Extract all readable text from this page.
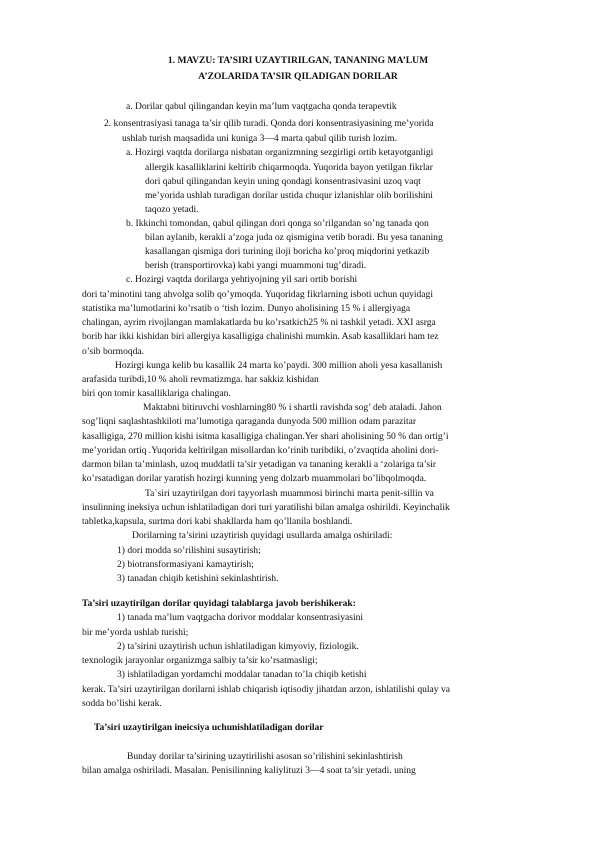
1. MAVZU: TA’SIRI UZAYTIRILGAN, TANANING MA’LUM
A’ZOLARIDA TA’SIR QILADIGAN DORILAR
a. Dorilar qabul qilingandan keyin ma’lum vaqtgacha qonda terapevtik
2. konsentrasiyasi tanaga ta’sir qilib turadi. Qonda dori konsentrasiyasining me’yorida
ushlab turish maqsadida uni kuniga 3—4 marta qabul qilib turish lozim.
a. Hozirgi vaqtda dorilarga nisbatan organizmning sezgirligi ortib ketayotganligi
allergik kasalliklarini keltirib chiqarmoqda. Yuqorida bayon yetilgan fikrlar
dori qabul qilingandan keyin uning qondagi konsentrasivasini uzoq vaqt
me’yorida ushlab turadigan dorilar ustida chuqur izlanishlar olib borilishini
taqozo yetadi.
b. Ikkinchi tomondan, qabul qilingan dori qonga so’rilgandan so’ng tanada qon
bilan aylanib, kerakli a’zoga juda oz qismigina vetib boradi. Bu yesa tananing
kasallangan qismiga dori turining iloji boricha ko’proq miqdorini yetkazib
berish (transportirovka) kabi yangi muammoni tug’diradi.
c. Hozirgi vaqtda dorilarga yehtiyojning yil sari ortib borishi
dori ta’minotini tang ahvolga solib qo’ymoqda. Yuqoridag fikrlarning isboti uchun quyidagi
statistika ma’lumotlarini ko’rsatib o ‘tish lozim. Dunyo aholisining 15 % i allergiyaga
chalingan, ayrim rivojlangan mamlakatlarda bu ko’rsatkich25 % ni tashkil yetadi. XXI asrga
borib har ikki kishidan biri allergiya kasalligiga chalinishi mumkin. Asab kasalliklari ham tez
o’sib bormoqda.
Hozirgi kunga kelib bu kasallik 24 marta ko’paydi. 300 million aholi yesa kasallanish
arafasida turibdi,10 % aholi revmatizmga. har sakkiz kishidan
biri qon tomir kasalliklariga chalingan.
Maktabni bitiruvchi voshlarning80 % i shartli ravishda sog’ deb ataladi. Jahon
sog’liqni saqlashtashkiloti ma’lumotiga qaraganda dunyoda 500 million odam parazitar
kasalligiga, 270 million kishi isitma kasalligiga chalingan.Yer shari aholisining 50 % dan ortig’i
me’yoridan ortiq .Yuqorida keltirilgan misollardan ko’rinib turibdiki, o’zvaqtida aholini dori-
darmon bilan ta’minlash, uzoq muddatli ta’sir yetadigan va tananing kerakli a ‘zolariga ta’sir
ko’rsatadigan dorilar yaratish hozirgi kunning yeng dolzarb muammolari bo’libqolmoqda.
Ta`siri uzaytirilgan dori tayyorlash muammosi birinchi marta penit-sillin va
insulinning ineksiya uchun ishlatiladigan dori turi yaratilishi bilan amalga oshirildi. Keyinchalik
tabletka,kapsula, surtma dori kabi shakllarda ham qo’llanila boshlandi.
Dorilarning ta’sirini uzaytirish quyidagi usullarda amalga oshiriladi:
1) dori modda so’rilishini susaytirish;
2) biotransformasiyani kamaytirish;
3) tanadan chiqib ketishini sekinlashtirish.
Ta’siri uzaytirilgan dorilar quyidagi talablarga javob berishikerak:
1) tanada ma’lum vaqtgacha dorivor moddalar konsentrasiyasini
bir me’yorda ushlab turishi;
2) ta’sirini uzaytirish uchun ishlatiladigan kimyoviy, fiziologik.
texnologik jarayonlar organizmga salbiy ta’sir ko’rsatmasligi;
3) ishlatiladigan yordamchi moddalar tanadan to’la chiqib ketishi
kerak. Ta’siri uzaytirilgan dorilarni ishlab chiqarish iqtisodiy jihatdan arzon, ishlatilishi qulay va
sodda bo’lishi kerak.
Ta’siri uzaytirilgan ineicsiya uchunishlatiladigan dorilar
Bunday dorilar ta’sirining uzaytirilishi asosan so’rilishini sekinlashtirish
bilan amalga oshiriladi. Masalan. Penisilinning kaliylituzi 3—4 soat ta’sir yetadi. uning
